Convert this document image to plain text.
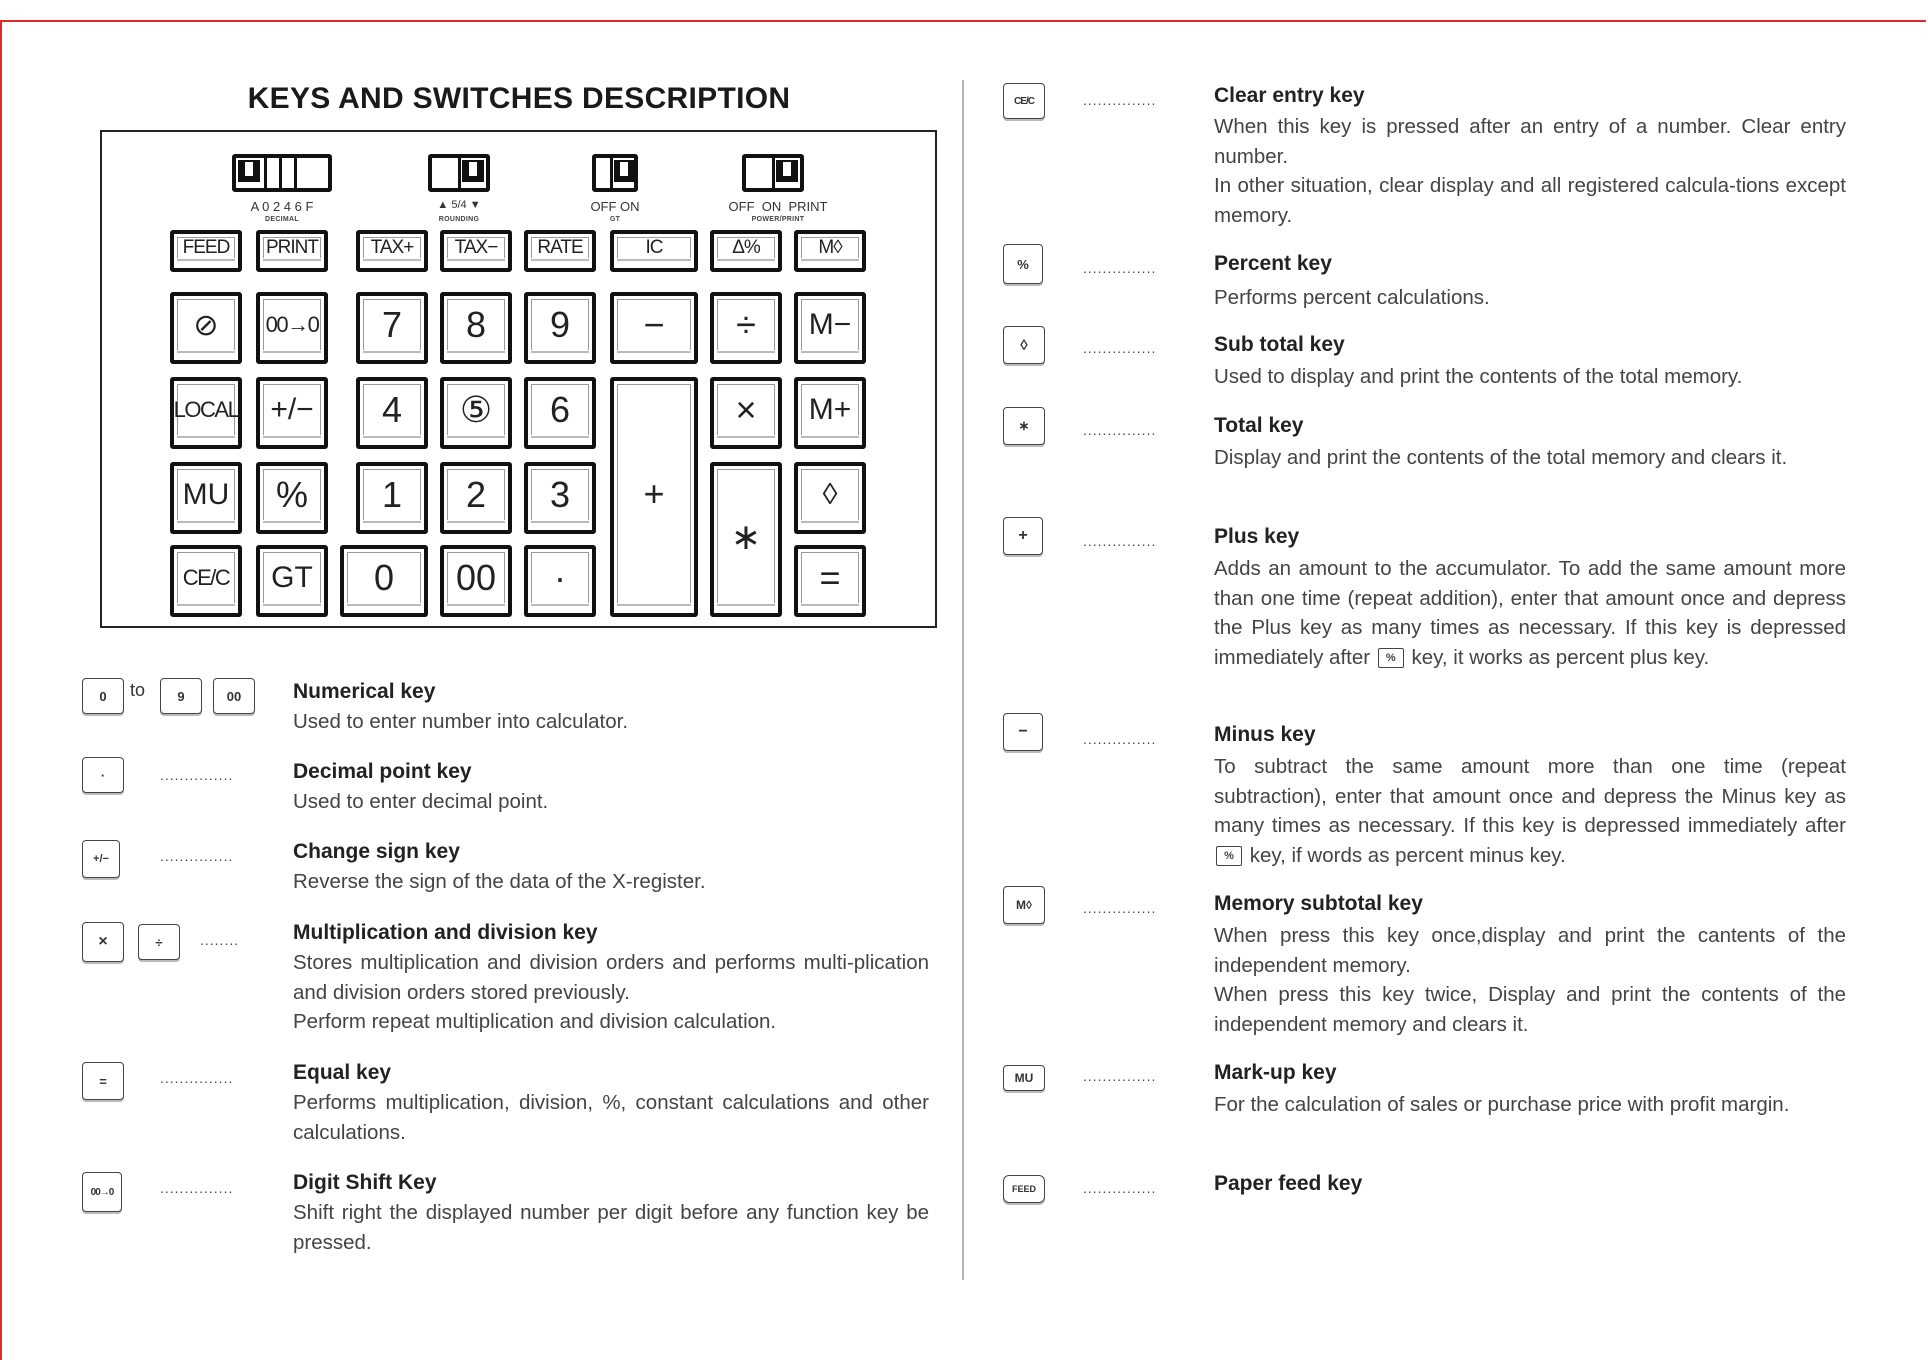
KEYS AND SWITCHES DESCRIPTION
A 0 2 4 6 F
DECIMAL
▲ 5/4 ▼
ROUNDING
OFF ON
GT
OFF  ON  PRINT
POWER/PRINT
FEED PRINT	TAX+ TAX− RATE	IC	Δ%	M◊
⊘ 00→0 7 8 9 − ÷ M−
LOCAL +/− 4 ⑤ 6
+
× M+
MU % 1 2 3
∗
◊
CE/C GT 0 00 ·	=
0	to	9	00	Numerical key
Used to enter number into calculator.
·	...............	Decimal point key
Used to enter decimal point.
+/−	...............	Change sign key
Reverse the sign of the data of the X-register.
×	÷	........	Multiplication and division key
Stores multiplication and division orders and performs multi-plication and division orders stored previously.
Perform repeat multiplication and division calculation.
=	...............	Equal key
Performs multiplication, division, %, constant calculations and other calculations.
00→0	...............	Digit Shift Key
Shift right the displayed number per digit before any function key be pressed.
CE/C	...............	Clear entry key
When this key is pressed after an entry of a number. Clear entry number.
In other situation, clear display and all registered calcula-tions except memory.
%	...............	Percent key
Performs percent calculations.
◊	...............	Sub total key
Used to display and print the contents of the total memory.
∗	...............	Total key
Display and print the contents of the total memory and clears it.
+	...............	Plus key
Adds an amount to the accumulator. To add the same amount more than one time (repeat addition), enter that amount once and depress the Plus key as many times as necessary. If this key is depressed immediately after % key, it works as percent plus key.
−	...............	Minus key
To subtract the same amount more than one time (repeat subtraction), enter that amount once and depress the Minus key as many times as necessary. If this key is depressed immediately after % key, if words as percent minus key.
M◊	...............	Memory subtotal key
When press this key once,display and print the cantents of the independent memory.
When press this key twice, Display and print the contents of the independent memory and clears it.
MU	...............	Mark-up key
For the calculation of sales or purchase price with profit margin.
FEED	...............	Paper feed key
